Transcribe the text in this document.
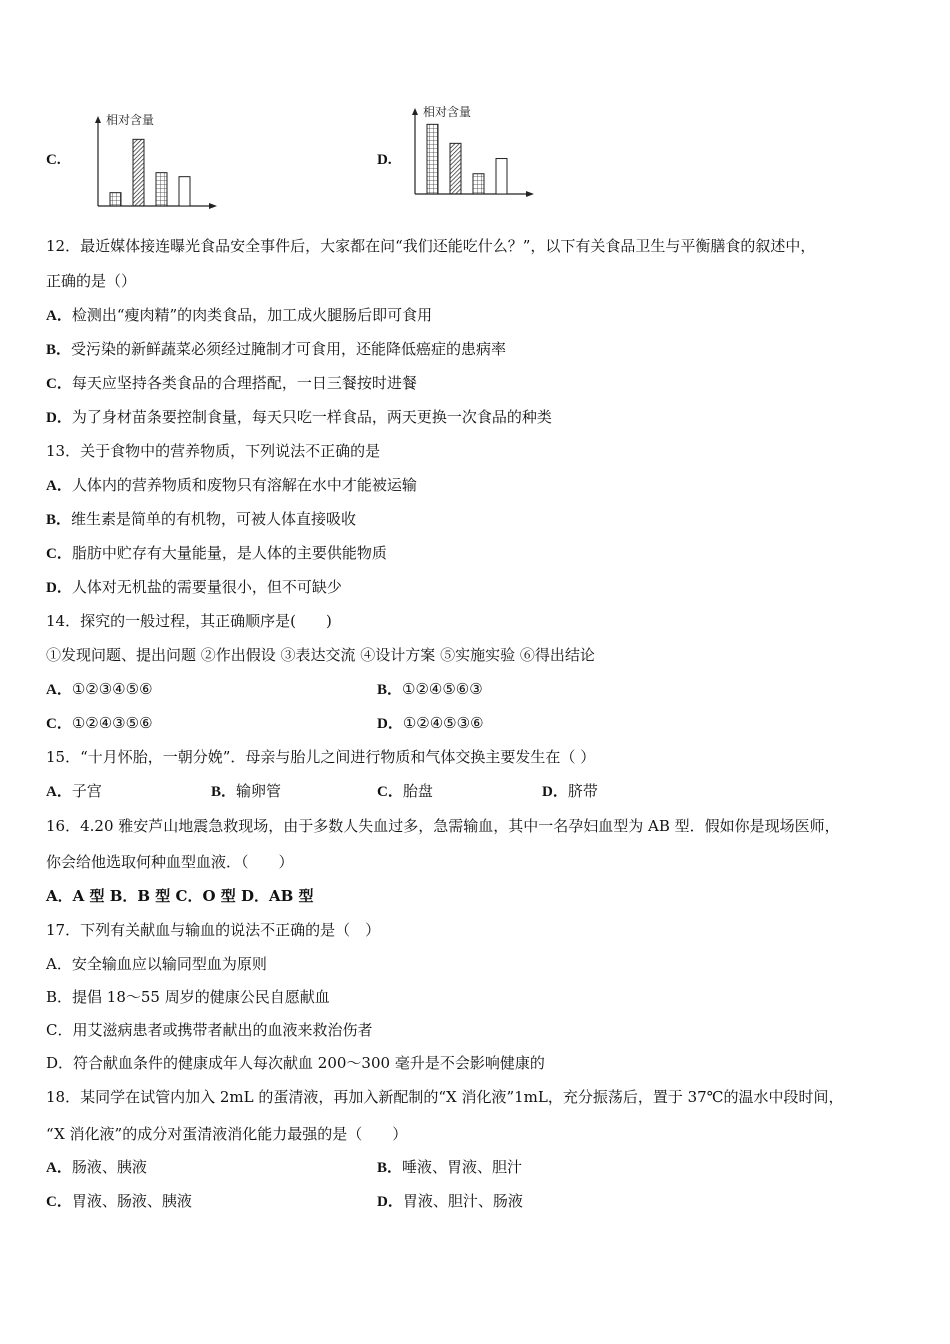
C.
相对含量
D.
相对含量
12．最近媒体接连曝光食品安全事件后，大家都在问“我们还能吃什么？”，以下有关食品卫生与平衡膳食的叙述中，
正确的是（）
A．检测出“瘦肉精”的肉类食品，加工成火腿肠后即可食用
B．受污染的新鲜蔬菜必须经过腌制才可食用，还能降低癌症的患病率
C．每天应坚持各类食品的合理搭配，一日三餐按时进餐
D．为了身材苗条要控制食量，每天只吃一样食品，两天更换一次食品的种类
13．关于食物中的营养物质，下列说法不正确的是
A．人体内的营养物质和废物只有溶解在水中才能被运输
B．维生素是简单的有机物，可被人体直接吸收
C．脂肪中贮存有大量能量，是人体的主要供能物质
D．人体对无机盐的需要量很小，但不可缺少
14．探究的一般过程，其正确顺序是(　　)
①发现问题、提出问题 ②作出假设 ③表达交流 ④设计方案 ⑤实施实验 ⑥得出结论
A．①②③④⑤⑥	B．①②④⑤⑥③
C．①②④③⑤⑥	D．①②④⑤③⑥
15．“十月怀胎，一朝分娩”．母亲与胎儿之间进行物质和气体交换主要发生在（ ）
A．子宫	B．输卵管	C．胎盘	D．脐带
16．4.20 雅安芦山地震急救现场，由于多数人失血过多，急需输血，其中一名孕妇血型为 AB 型．假如你是现场医师，
你会给他选取何种血型血液．（　　）
A．A 型 B．B 型 C．O 型 D．AB 型
17．下列有关献血与输血的说法不正确的是（　）
A．安全输血应以输同型血为原则
B．提倡 18～55 周岁的健康公民自愿献血
C．用艾滋病患者或携带者献出的血液来救治伤者
D．符合献血条件的健康成年人每次献血 200～300 毫升是不会影响健康的
18．某同学在试管内加入 2mL 的蛋清液，再加入新配制的“X 消化液”1mL，充分振荡后，置于 37℃的温水中段时间，
“X 消化液”的成分对蛋清液消化能力最强的是（　　）
A．肠液、胰液	B．唾液、胃液、胆汁
C．胃液、肠液、胰液	D．胃液、胆汁、肠液
